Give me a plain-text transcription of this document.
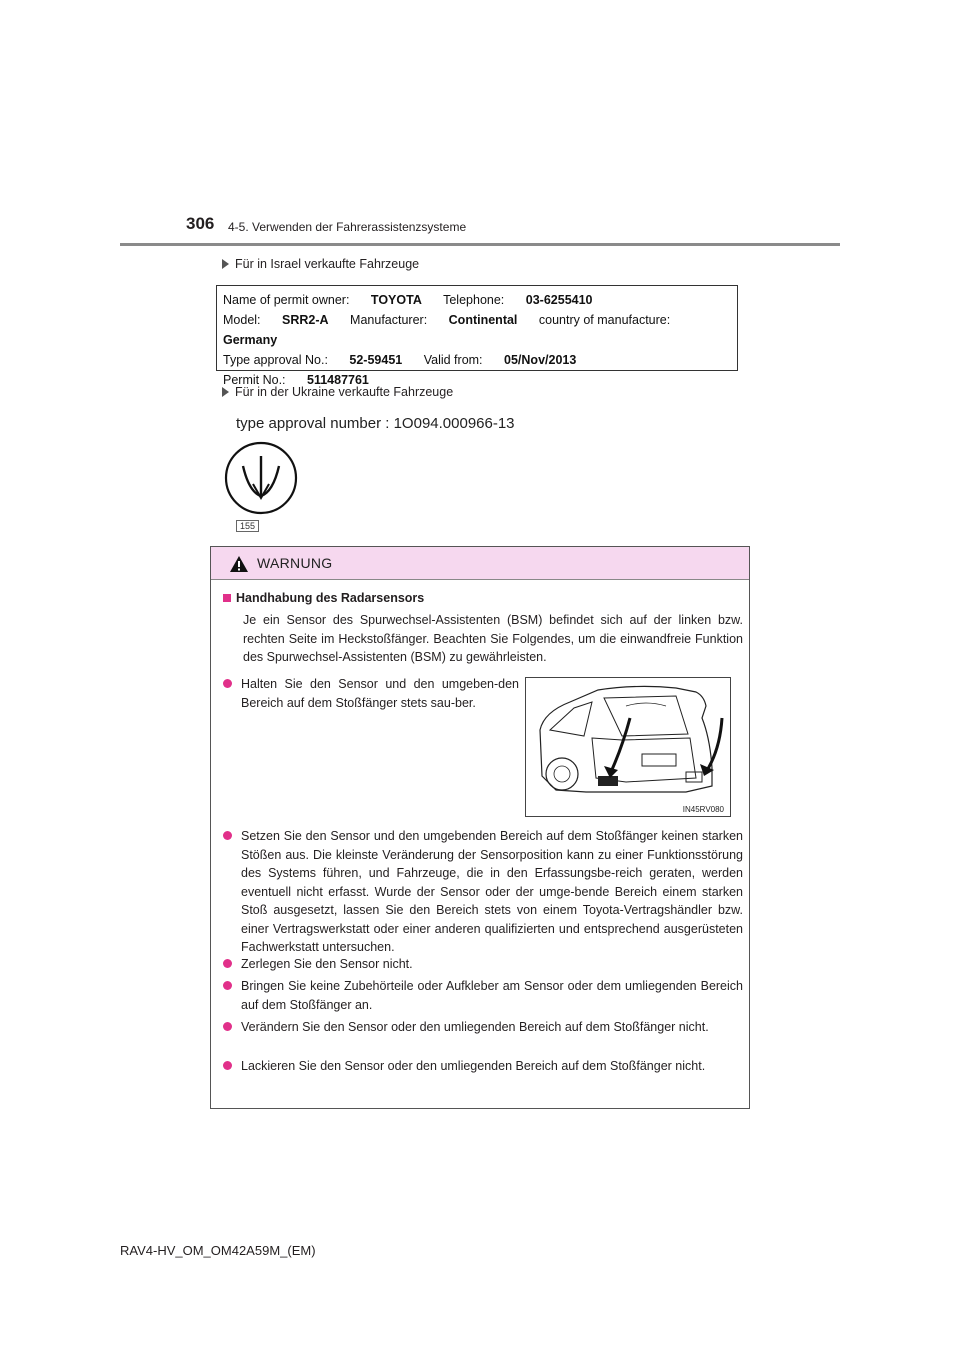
306 4-5. Verwenden der Fahrerassistenzsysteme
Für in Israel verkaufte Fahrzeuge
Name of permit owner: TOYOTA Telephone: 03-6255410
Model: SRR2-A Manufacturer: Continental country of manufacture: Germany
Type approval No.: 52-59451 Valid from: 05/Nov/2013
Permit No.: 511487761
Für in der Ukraine verkaufte Fahrzeuge
type approval number : 1O094.000966-13
155
WARNUNG
Handhabung des Radarsensors
Je ein Sensor des Spurwechsel-Assistenten (BSM) befindet sich auf der linken bzw. rechten Seite im Heckstoßfänger. Beachten Sie Folgendes, um die einwandfreie Funktion des Spurwechsel-Assistenten (BSM) zu gewährleisten.
Halten Sie den Sensor und den umgeben-den Bereich auf dem Stoßfänger stets sau-ber.
IN45RV080
Setzen Sie den Sensor und den umgebenden Bereich auf dem Stoßfänger keinen starken Stößen aus. Die kleinste Veränderung der Sensorposition kann zu einer Funktionsstörung des Systems führen, und Fahrzeuge, die in den Erfassungsbe-reich geraten, werden eventuell nicht erfasst. Wurde der Sensor oder der umge-bende Bereich einem starken Stoß ausgesetzt, lassen Sie den Bereich stets von einem Toyota-Vertragshändler bzw. einer Vertragswerkstatt oder einer anderen qualifizierten und entsprechend ausgerüsteten Fachwerkstatt untersuchen.
Zerlegen Sie den Sensor nicht.
Bringen Sie keine Zubehörteile oder Aufkleber am Sensor oder dem umliegenden Bereich auf dem Stoßfänger an.
Verändern Sie den Sensor oder den umliegenden Bereich auf dem Stoßfänger nicht.
Lackieren Sie den Sensor oder den umliegenden Bereich auf dem Stoßfänger nicht.
RAV4-HV_OM_OM42A59M_(EM)
